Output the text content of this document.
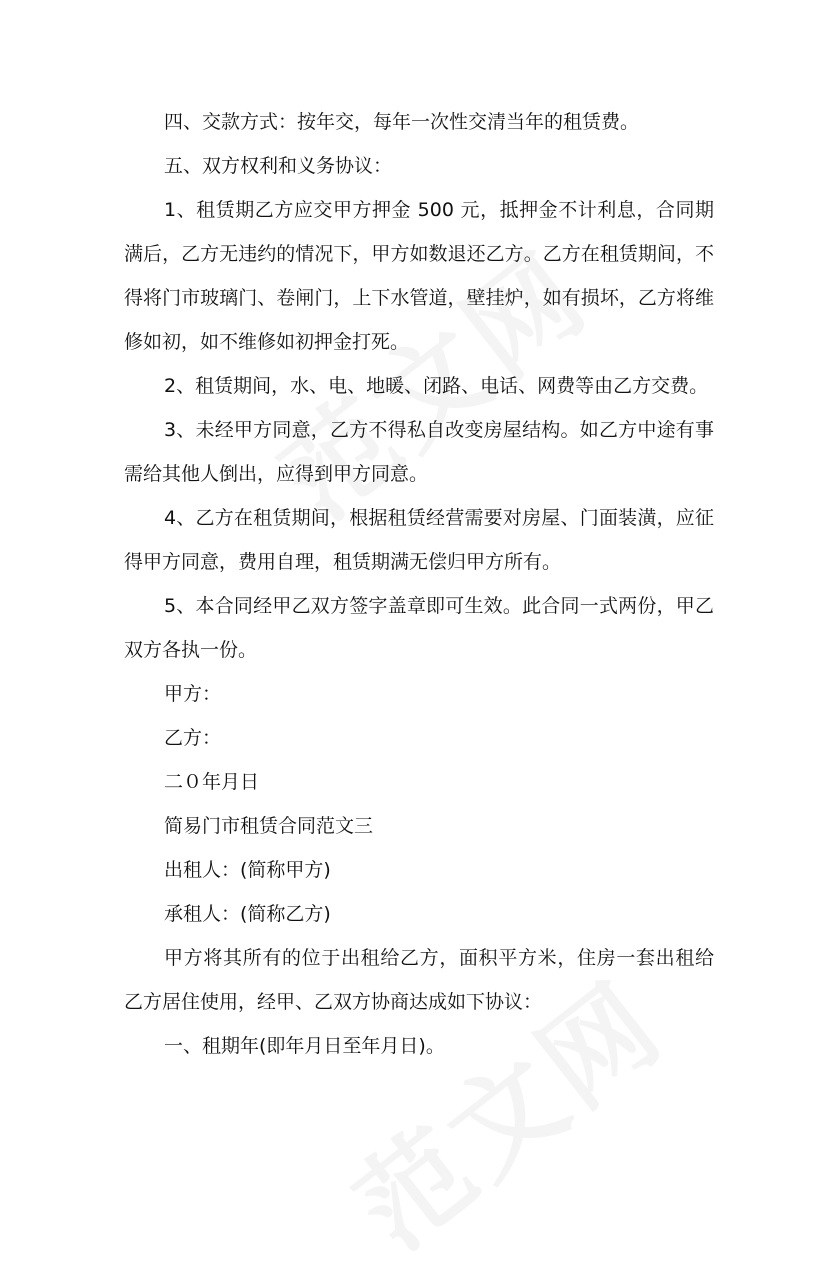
四、交款方式：按年交，每年一次性交清当年的租赁费。

五、双方权利和义务协议：

1、租赁期乙方应交甲方押金 500 元，抵押金不计利息，合同期满后，乙方无违约的情况下，甲方如数退还乙方。乙方在租赁期间，不得将门市玻璃门、卷闸门，上下水管道，壁挂炉，如有损坏，乙方将维修如初，如不维修如初押金打死。

2、租赁期间，水、电、地暖、闭路、电话、网费等由乙方交费。

3、未经甲方同意，乙方不得私自改变房屋结构。如乙方中途有事需给其他人倒出，应得到甲方同意。

4、乙方在租赁期间，根据租赁经营需要对房屋、门面装潢，应征得甲方同意，费用自理，租赁期满无偿归甲方所有。

5、本合同经甲乙双方签字盖章即可生效。此合同一式两份，甲乙双方各执一份。

甲方：

乙方：

二０年月日

简易门市租赁合同范文三

出租人：(简称甲方)

承租人：(简称乙方)

甲方将其所有的位于出租给乙方，面积平方米，住房一套出租给乙方居住使用，经甲、乙双方协商达成如下协议：

一、租期年(即年月日至年月日)。
